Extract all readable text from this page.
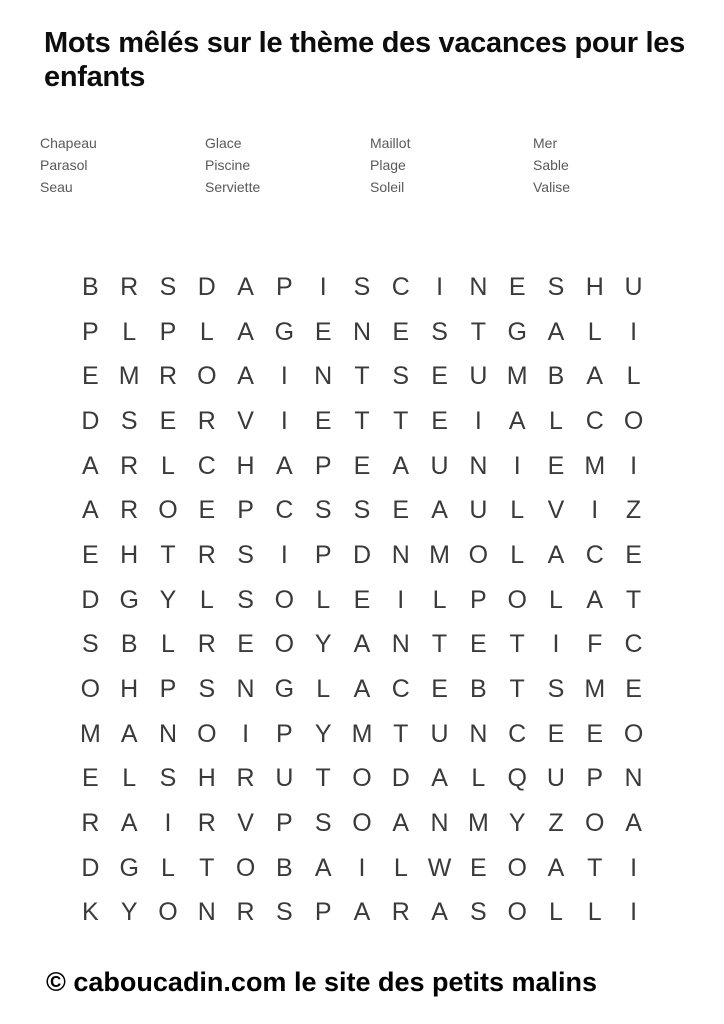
Mots mêlés sur le thème des vacances pour les enfants
Chapeau
Parasol
Seau
Glace
Piscine
Serviette
Maillot
Plage
Soleil
Mer
Sable
Valise
B R S D A P I S C I N E S H U
P L P L A G E N E S T G A L I
E M R O A I N T S E U M B A L
D S E R V I E T T E I A L C O
A R L C H A P E A U N I E M I
A R O E P C S S E A U L V I Z
E H T R S I P D N M O L A C E
D G Y L S O L E I L P O L A T
S B L R E O Y A N T E T I F C
O H P S N G L A C E B T S M E
M A N O I P Y M T U N C E E O
E L S H R U T O D A L Q U P N
R A I R V P S O A N M Y Z O A
D G L T O B A I L W E O A T I
K Y O N R S P A R A S O L L I

© caboucadin.com le site des petits malins
